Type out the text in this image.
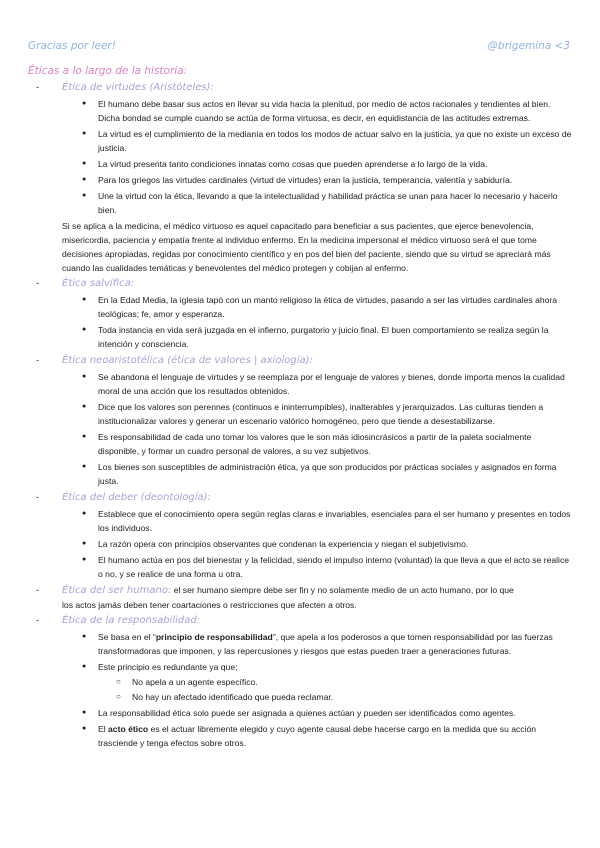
Gracias por leer!	@brigemina <3
Éticas a lo largo de la historia:
- Ética de virtudes (Aristóteles):
● El humano debe basar sus actos en llevar su vida hacia la plenitud, por medio de actos racionales y tendientes al bien. Dicha bondad se cumple cuando se actúa de forma virtuosa, es decir, en equidistancia de las actitudes extremas.
● La virtud es el cumplimiento de la medianía en todos los modos de actuar salvo en la justicia, ya que no existe un exceso de justicia.
● La virtud presenta tanto condiciones innatas como cosas que pueden aprenderse a lo largo de la vida.
● Para los griegos las virtudes cardinales (virtud de virtudes) eran la justicia, temperancia, valentía y sabiduría.
● Une la virtud con la ética, llevando a que la intelectualidad y habilidad práctica se unan para hacer lo necesario y hacerlo bien.

Si se aplica a la medicina, el médico virtuoso es aquel capacitado para beneficiar a sus pacientes, que ejerce benevolencia, misericordia, paciencia y empatía frente al individuo enfermo. En la medicina impersonal el médico virtuoso será el que tome decisiones apropiadas, regidas por conocimiento científico y en pos del bien del paciente, siendo que su virtud se apreciará más cuando las cualidades temáticas y benevolentes del médico protegen y cobijan al enfermo.

- Ética salvífica:
● En la Edad Media, la iglesia tapó con un manto religioso la ética de virtudes, pasando a ser las virtudes cardinales ahora teológicas; fe, amor y esperanza.
● Toda instancia en vida será juzgada en el infierno, purgatorio y juicio final. El buen comportamiento se realiza según la intención y consciencia.
- Ética neoaristotélica (ética de valores | axiología):
● Se abandona el lenguaje de virtudes y se reemplaza por el lenguaje de valores y bienes, donde importa menos la cualidad moral de una acción que los resultados obtenidos.
● Dice que los valores son perennes (continuos e ininterrumpibles), inalterables y jerarquizados. Las culturas tienden a institucionalizar valores y generar un escenario valórico homogéneo, pero que tiende a desestabilizarse.
● Es responsabilidad de cada uno tomar los valores que le son más idiosincrásicos a partir de la paleta socialmente disponible, y formar un cuadro personal de valores, a su vez subjetivos.
● Los bienes son susceptibles de administración ética, ya que son producidos por prácticas sociales y asignados en forma justa.
- Ética del deber (deontología):
● Establece que el conocimiento opera según reglas claras e invariables, esenciales para el ser humano y presentes en todos los individuos.
● La razón opera con principios observantes que condenan la experiencia y niegan el subjetivismo.
● El humano actúa en pos del bienestar y la felicidad, siendo el impulso interno (voluntad) la que lleva a que el acto se realice o no, y se realice de una forma u otra.
- Ética del ser humano: el ser humano siempre debe ser fin y no solamente medio de un acto humano, por lo que

los actos jamás deben tener coartaciones o restricciones que afecten a otros.

- Ética de la responsabilidad:
● Se basa en el “principio de responsabilidad”, que apela a los poderosos a que tomen responsabilidad por las fuerzas transformadoras que imponen, y las repercusiones y riesgos que estas pueden traer a generaciones futuras.
● Este principio es redundante ya que;
○ No apela a un agente específico.
○ No hay un afectado identificado que pueda reclamar.
● La responsabilidad ética solo puede ser asignada a quienes actúan y pueden ser identificados como agentes.
● El acto ético es el actuar libremente elegido y cuyo agente causal debe hacerse cargo en la medida que su acción trasciende y tenga efectos sobre otros.
